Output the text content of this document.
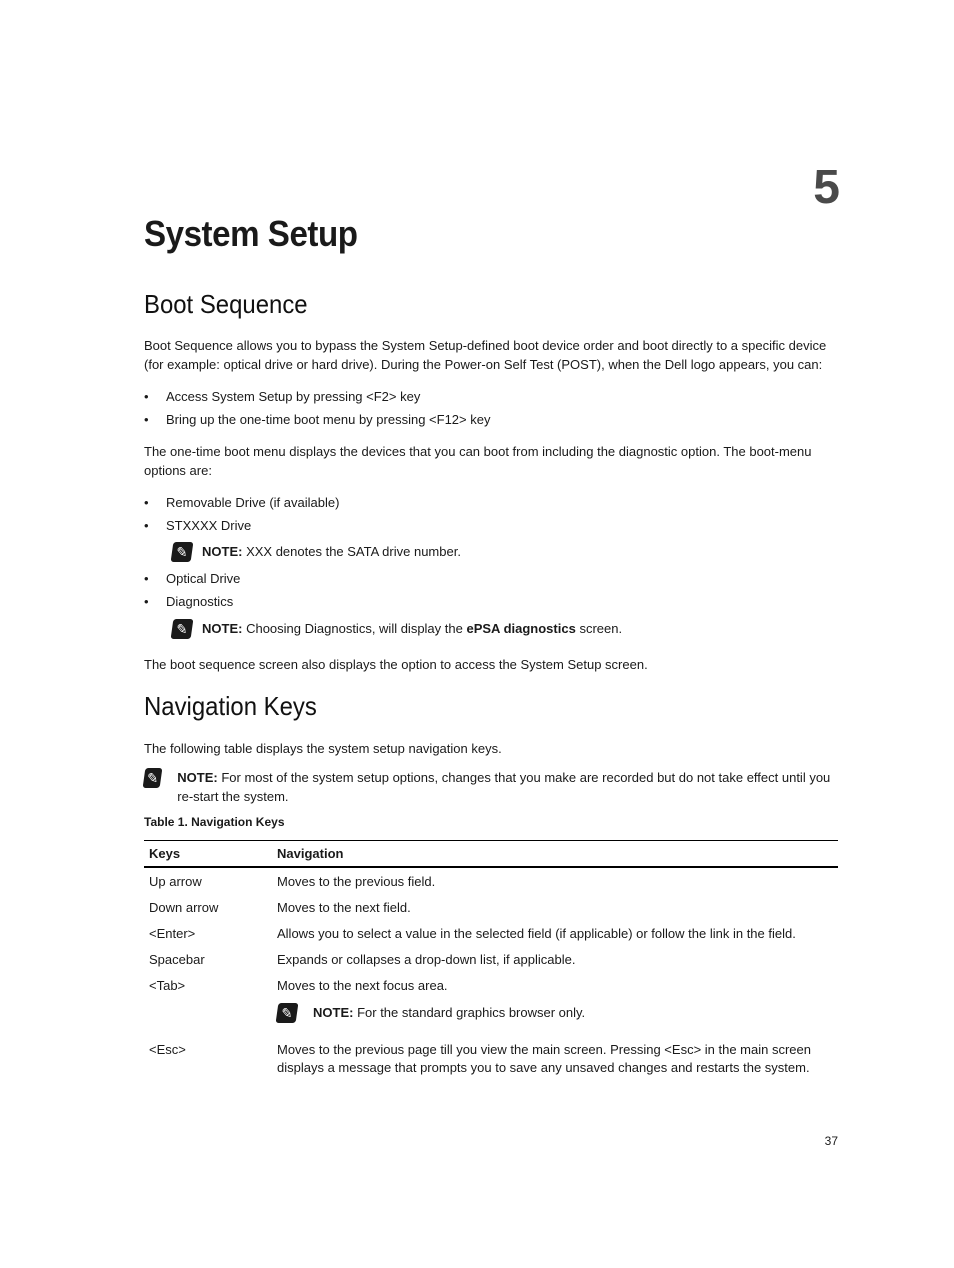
5
System Setup
Boot Sequence
Boot Sequence allows you to bypass the System Setup-defined boot device order and boot directly to a specific device (for example: optical drive or hard drive). During the Power-on Self Test (POST), when the Dell logo appears, you can:
• Access System Setup by pressing <F2> key
• Bring up the one-time boot menu by pressing <F12> key
The one-time boot menu displays the devices that you can boot from including the diagnostic option. The boot-menu options are:
• Removable Drive (if available)
• STXXXX Drive
✎	NOTE: XXX denotes the SATA drive number.
• Optical Drive
• Diagnostics
✎	NOTE: Choosing Diagnostics, will display the ePSA diagnostics screen.
The boot sequence screen also displays the option to access the System Setup screen.
Navigation Keys
The following table displays the system setup navigation keys.
✎ NOTE: For most of the system setup options, changes that you make are recorded but do not take effect until you re-start the system.
Table 1. Navigation Keys
Keys	Navigation
Up arrow	Moves to the previous field.
Down arrow	Moves to the next field.
<Enter>	Allows you to select a value in the selected field (if applicable) or follow the link in the field.
Spacebar	Expands or collapses a drop-down list, if applicable.
<Tab>	Moves to the next focus area.
✎ NOTE: For the standard graphics browser only.

<Esc>	Moves to the previous page till you view the main screen. Pressing <Esc> in the main screen displays a message that prompts you to save any unsaved changes and restarts the system.
37
